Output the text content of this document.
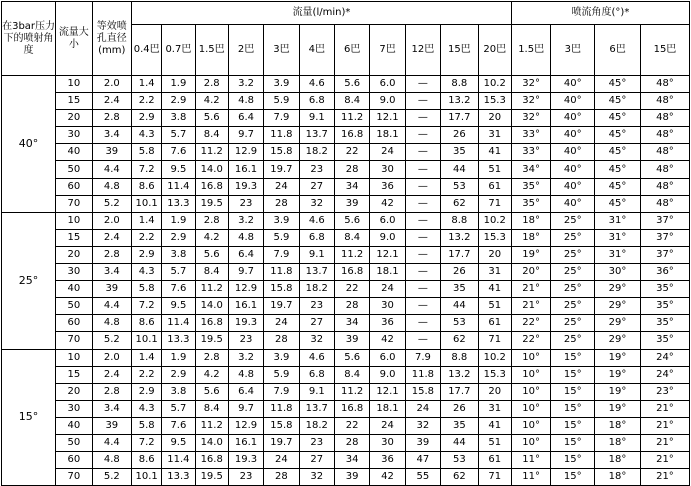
在3bar压力下的喷射角度	流量大小	等效喷孔直径(mm)	流量(l/min)*											喷流角度(°)*			
			0.4巴	0.7巴	1.5巴	2巴	3巴	4巴	6巴	7巴	12巴	15巴	20巴	1.5巴	3巴	6巴	15巴
40°	10	2.0	1.4	1.9	2.8	3.2	3.9	4.6	5.6	6.0	—	8.8	10.2	32°	40°	45°	48°
	15	2.4	2.2	2.9	4.2	4.8	5.9	6.8	8.4	9.0	—	13.2	15.3	32°	40°	45°	48°
	20	2.8	2.9	3.8	5.6	6.4	7.9	9.1	11.2	12.1	—	17.7	20	32°	40°	45°	48°
	30	3.4	4.3	5.7	8.4	9.7	11.8	13.7	16.8	18.1	—	26	31	33°	40°	45°	48°
	40	39	5.8	7.6	11.2	12.9	15.8	18.2	22	24	—	35	41	33°	40°	45°	48°
	50	4.4	7.2	9.5	14.0	16.1	19.7	23	28	30	—	44	51	34°	40°	45°	48°
	60	4.8	8.6	11.4	16.8	19.3	24	27	34	36	—	53	61	35°	40°	45°	48°
	70	5.2	10.1	13.3	19.5	23	28	32	39	42	—	62	71	35°	40°	45°	48°
25°	10	2.0	1.4	1.9	2.8	3.2	3.9	4.6	5.6	6.0	—	8.8	10.2	18°	25°	31°	37°
	15	2.4	2.2	2.9	4.2	4.8	5.9	6.8	8.4	9.0	—	13.2	15.3	18°	25°	31°	37°
	20	2.8	2.9	3.8	5.6	6.4	7.9	9.1	11.2	12.1	—	17.7	20	19°	25°	31°	37°
	30	3.4	4.3	5.7	8.4	9.7	11.8	13.7	16.8	18.1	—	26	31	20°	25°	30°	36°
	40	39	5.8	7.6	11.2	12.9	15.8	18.2	22	24	—	35	41	21°	25°	29°	35°
	50	4.4	7.2	9.5	14.0	16.1	19.7	23	28	30	—	44	51	21°	25°	29°	35°
	60	4.8	8.6	11.4	16.8	19.3	24	27	34	36	—	53	61	22°	25°	29°	35°
	70	5.2	10.1	13.3	19.5	23	28	32	39	42	—	62	71	22°	25°	29°	35°
15°	10	2.0	1.4	1.9	2.8	3.2	3.9	4.6	5.6	6.0	7.9	8.8	10.2	10°	15°	19°	24°
	15	2.4	2.2	2.9	4.2	4.8	5.9	6.8	8.4	9.0	11.8	13.2	15.3	10°	15°	19°	24°
	20	2.8	2.9	3.8	5.6	6.4	7.9	9.1	11.2	12.1	15.8	17.7	20	10°	15°	19°	23°
	30	3.4	4.3	5.7	8.4	9.7	11.8	13.7	16.8	18.1	24	26	31	10°	15°	19°	21°
	40	39	5.8	7.6	11.2	12.9	15.8	18.2	22	24	32	35	41	10°	15°	18°	21°
	50	4.4	7.2	9.5	14.0	16.1	19.7	23	28	30	39	44	51	10°	15°	18°	21°
	60	4.8	8.6	11.4	16.8	19.3	24	27	34	36	47	53	61	11°	15°	18°	21°
	70	5.2	10.1	13.3	19.5	23	28	32	39	42	55	62	71	11°	15°	18°	21°
